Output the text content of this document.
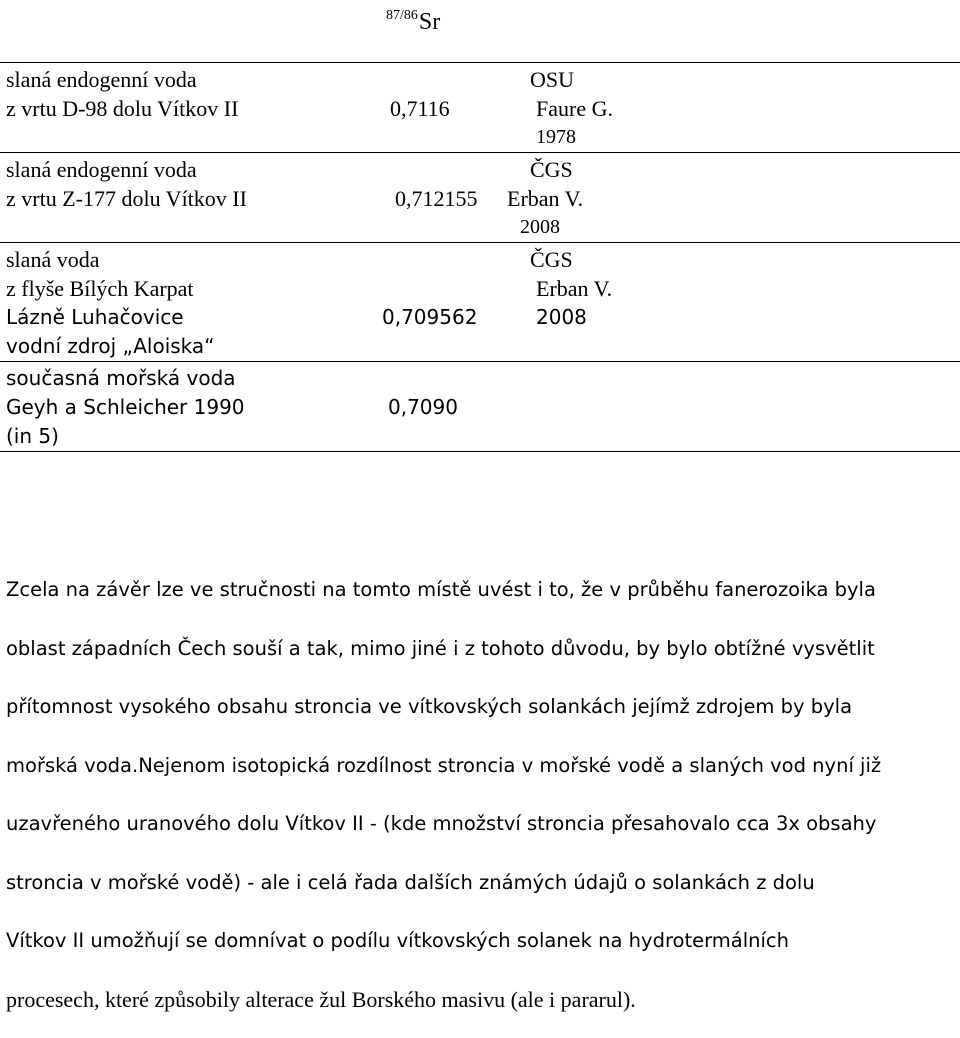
87/86Sr
slaná endogenní voda	OSU
z vrtu D-98 dolu Vítkov II	0,7116	Faure G.
1978
slaná endogenní voda	ČGS
z vrtu Z-177 dolu Vítkov II	0,712155 Erban V.
2008
slaná voda	ČGS
z flyše Bílých Karpat	Erban V.
Lázně Luhačovice	0,709562	2008
vodní zdroj „Aloiska“
současná mořská voda
Geyh a Schleicher 1990	0,7090
(in 5)
Zcela na závěr lze ve stručnosti na tomto místě uvést i to, že v průběhu fanerozoika byla
oblast západních Čech souší a tak, mimo jiné i z tohoto důvodu, by bylo obtížné vysvětlit
přítomnost vysokého obsahu stroncia ve vítkovských solankách jejímž zdrojem by byla
mořská voda.Nejenom isotopická rozdílnost stroncia v mořské vodě a slaných vod nyní již
uzavřeného uranového dolu Vítkov II - (kde množství stroncia přesahovalo cca 3x obsahy
stroncia v mořské vodě) - ale i celá řada dalších známých údajů o solankách z dolu
Vítkov II umožňují se domnívat o podílu vítkovských solanek na hydrotermálních
procesech, které způsobily alterace žul Borského masivu (ale i pararul).
